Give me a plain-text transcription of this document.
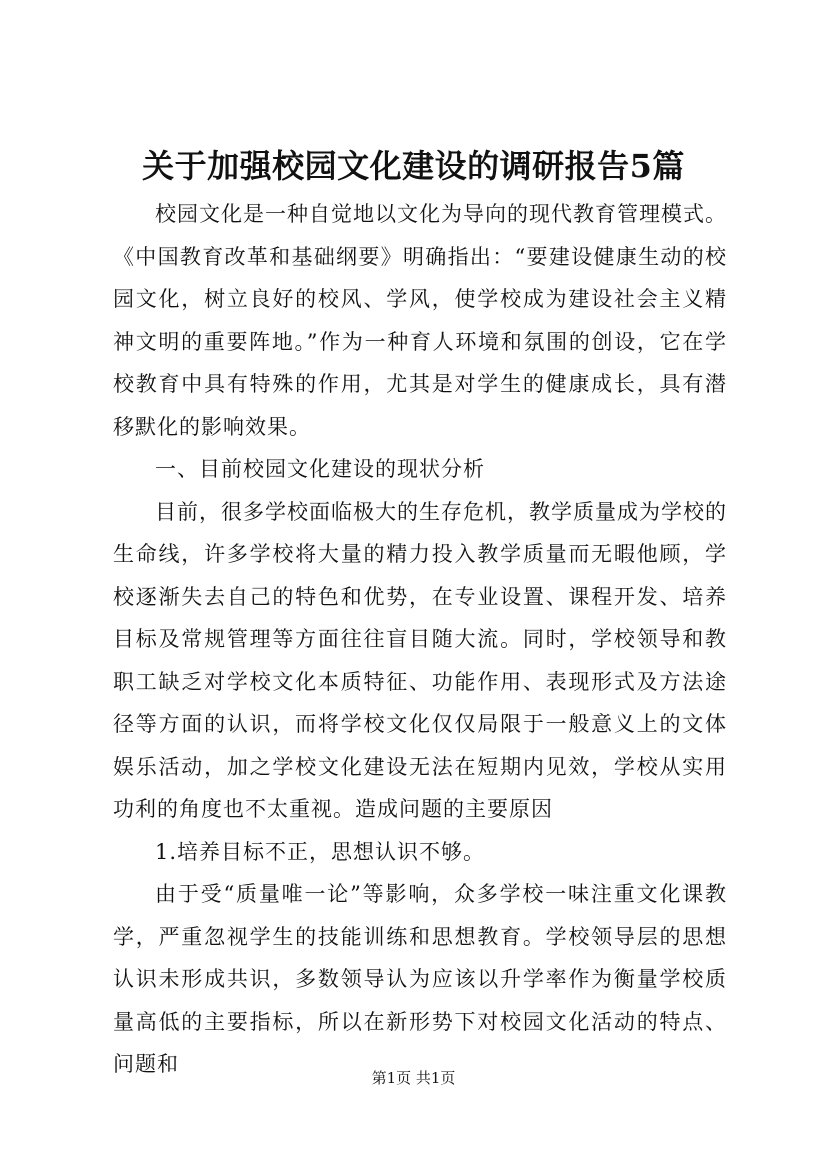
关于加强校园文化建设的调研报告5篇

校园文化是一种自觉地以文化为导向的现代教育管理模式。《中国教育改革和基础纲要》明确指出：“要建设健康生动的校园文化，树立良好的校风、学风，使学校成为建设社会主义精神文明的重要阵地。”作为一种育人环境和氛围的创设，它在学校教育中具有特殊的作用，尤其是对学生的健康成长，具有潜移默化的影响效果。

一、目前校园文化建设的现状分析

目前，很多学校面临极大的生存危机，教学质量成为学校的生命线，许多学校将大量的精力投入教学质量而无暇他顾，学校逐渐失去自己的特色和优势，在专业设置、课程开发、培养目标及常规管理等方面往往盲目随大流。同时，学校领导和教职工缺乏对学校文化本质特征、功能作用、表现形式及方法途径等方面的认识，而将学校文化仅仅局限于一般意义上的文体娱乐活动，加之学校文化建设无法在短期内见效，学校从实用功利的角度也不太重视。造成问题的主要原因

1.培养目标不正，思想认识不够。

由于受“质量唯一论”等影响，众多学校一味注重文化课教学，严重忽视学生的技能训练和思想教育。学校领导层的思想认识未形成共识，多数领导认为应该以升学率作为衡量学校质量高低的主要指标，所以在新形势下对校园文化活动的特点、问题和

第1页 共1页
